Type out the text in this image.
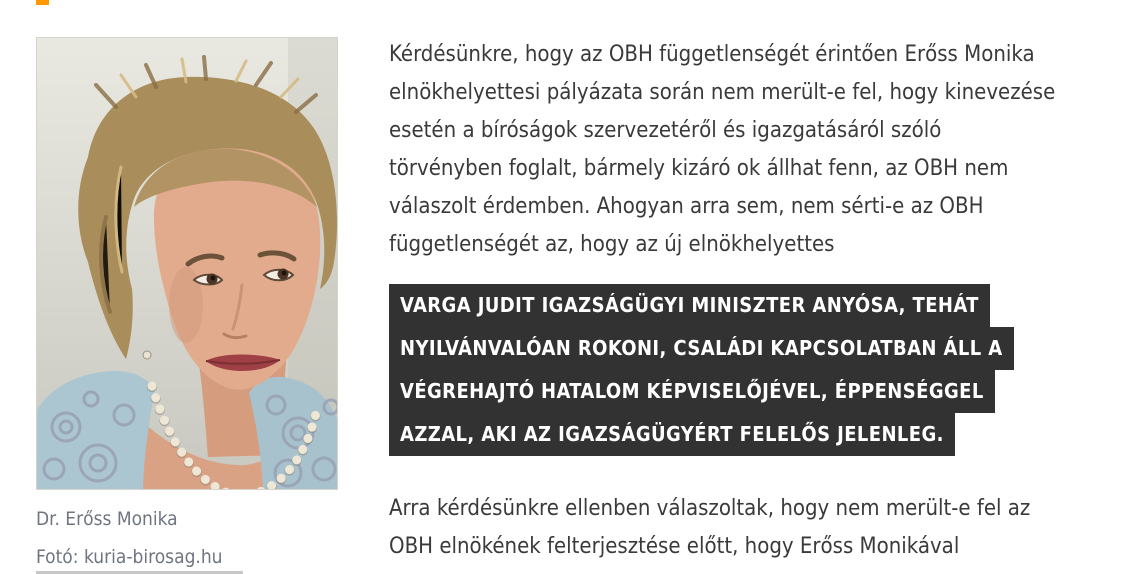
Dr. Erőss Monika
Fotó: kuria-birosag.hu
Kérdésünkre, hogy az OBH függetlenségét érintően Erőss Monika
elnökhelyettesi pályázata során nem merült-e fel, hogy kinevezése
esetén a bíróságok szervezetéről és igazgatásáról szóló
törvényben foglalt, bármely kizáró ok állhat fenn, az OBH nem
válaszolt érdemben. Ahogyan arra sem, nem sérti-e az OBH
függetlenségét az, hogy az új elnökhelyettes
VARGA JUDIT IGAZSÁGÜGYI MINISZTER ANYÓSA, TEHÁT
NYILVÁNVALÓAN ROKONI, CSALÁDI KAPCSOLATBAN ÁLL A
VÉGREHAJTÓ HATALOM KÉPVISELŐJÉVEL, ÉPPENSÉGGEL
AZZAL, AKI AZ IGAZSÁGÜGYÉRT FELELŐS JELENLEG.
Arra kérdésünkre ellenben válaszoltak, hogy nem merült-e fel az
OBH elnökének felterjesztése előtt, hogy Erőss Monikával
